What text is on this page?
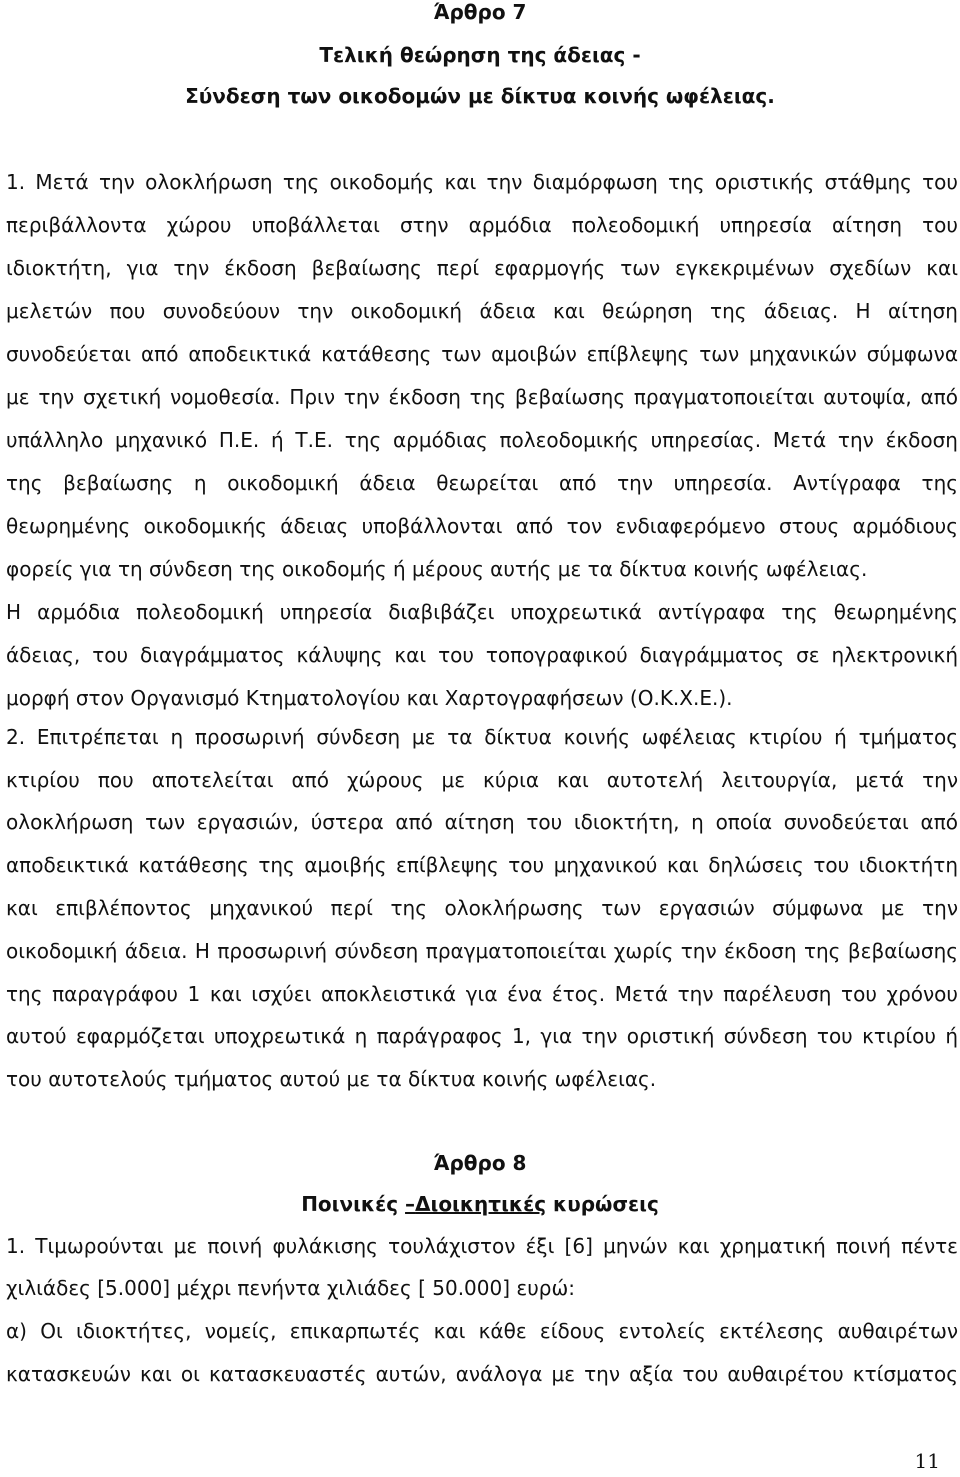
Άρθρο 7
Τελική θεώρηση της άδειας -
Σύνδεση των οικοδομών με δίκτυα κοινής ωφέλειας.
1. Μετά την ολοκλήρωση της οικοδομής και την διαμόρφωση της οριστικής στάθμης του
περιβάλλοντα χώρου υποβάλλεται στην αρμόδια πολεοδομική υπηρεσία αίτηση του
ιδιοκτήτη, για την έκδοση βεβαίωσης περί εφαρμογής των εγκεκριμένων σχεδίων και
μελετών που συνοδεύουν την οικοδομική άδεια και θεώρηση της άδειας. Η αίτηση
συνοδεύεται από αποδεικτικά κατάθεσης των αμοιβών επίβλεψης των μηχανικών σύμφωνα
με την σχετική νομοθεσία. Πριν την έκδοση της βεβαίωσης πραγματοποιείται αυτοψία, από
υπάλληλο μηχανικό Π.Ε. ή Τ.Ε. της αρμόδιας πολεοδομικής υπηρεσίας. Μετά την έκδοση
της βεβαίωσης η οικοδομική άδεια θεωρείται από την υπηρεσία. Αντίγραφα της
θεωρημένης οικοδομικής άδειας υποβάλλονται από τον ενδιαφερόμενο στους αρμόδιους
φορείς για τη σύνδεση της οικοδομής ή μέρους αυτής με τα δίκτυα κοινής ωφέλειας.
Η αρμόδια πολεοδομική υπηρεσία διαβιβάζει υποχρεωτικά αντίγραφα της θεωρημένης
άδειας, του διαγράμματος κάλυψης και του τοπογραφικού διαγράμματος σε ηλεκτρονική
μορφή στον Οργανισμό Κτηματολογίου και Χαρτογραφήσεων (Ο.Κ.Χ.Ε.).
2. Επιτρέπεται η προσωρινή σύνδεση με τα δίκτυα κοινής ωφέλειας κτιρίου ή τμήματος
κτιρίου που αποτελείται από χώρους με κύρια και αυτοτελή λειτουργία, μετά την
ολοκλήρωση των εργασιών, ύστερα από αίτηση του ιδιοκτήτη, η οποία συνοδεύεται από
αποδεικτικά κατάθεσης της αμοιβής επίβλεψης του μηχανικού και δηλώσεις του ιδιοκτήτη
και επιβλέποντος μηχανικού περί της ολοκλήρωσης των εργασιών σύμφωνα με την
οικοδομική άδεια. Η προσωρινή σύνδεση πραγματοποιείται χωρίς την έκδοση της βεβαίωσης
της παραγράφου 1 και ισχύει αποκλειστικά για ένα έτος. Μετά την παρέλευση του χρόνου
αυτού εφαρμόζεται υποχρεωτικά η παράγραφος 1, για την οριστική σύνδεση του κτιρίου ή
του αυτοτελούς τμήματος αυτού με τα δίκτυα κοινής ωφέλειας.
Άρθρο 8
Ποινικές –Διοικητικές κυρώσεις
1. Τιμωρούνται με ποινή φυλάκισης τουλάχιστον έξι [6] μηνών και χρηματική ποινή πέντε
χιλιάδες [5.000] μέχρι πενήντα χιλιάδες [ 50.000] ευρώ:
α) Οι ιδιοκτήτες, νομείς, επικαρπωτές και κάθε είδους εντολείς εκτέλεσης αυθαιρέτων
κατασκευών και οι κατασκευαστές αυτών, ανάλογα με την αξία του αυθαιρέτου κτίσματος
11
